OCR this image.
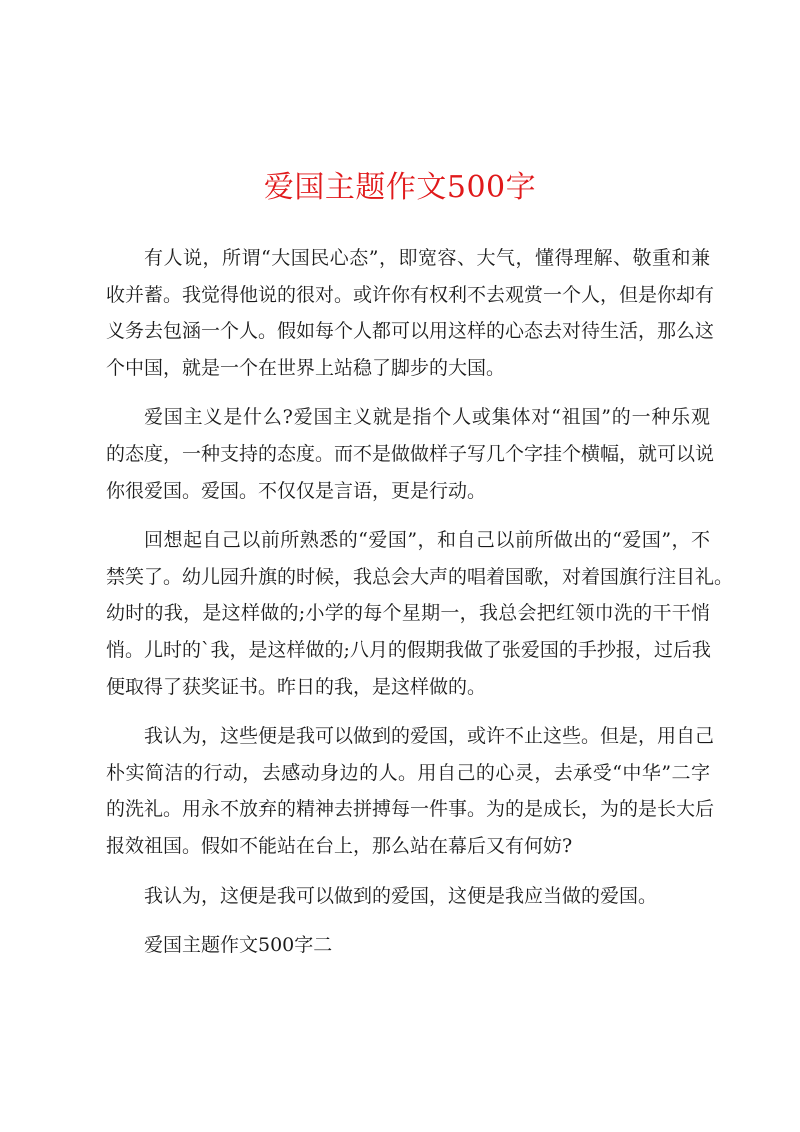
爱国主题作文500字
有人说，所谓“大国民心态”，即宽容、大气，懂得理解、敬重和兼
收并蓄。我觉得他说的很对。或许你有权利不去观赏一个人，但是你却有
义务去包涵一个人。假如每个人都可以用这样的心态去对待生活，那么这
个中国，就是一个在世界上站稳了脚步的大国。
爱国主义是什么?爱国主义就是指个人或集体对“祖国”的一种乐观
的态度，一种支持的态度。而不是做做样子写几个字挂个横幅，就可以说
你很爱国。爱国。不仅仅是言语，更是行动。
回想起自己以前所熟悉的“爱国”，和自己以前所做出的“爱国”，不
禁笑了。幼儿园升旗的时候，我总会大声的唱着国歌，对着国旗行注目礼。
幼时的我，是这样做的;小学的每个星期一，我总会把红领巾洗的干干悄
悄。儿时的`我，是这样做的;八月的假期我做了张爱国的手抄报，过后我
便取得了获奖证书。昨日的我，是这样做的。
我认为，这些便是我可以做到的爱国，或许不止这些。但是，用自己
朴实简洁的行动，去感动身边的人。用自己的心灵，去承受“中华”二字
的洗礼。用永不放弃的精神去拼搏每一件事。为的是成长，为的是长大后
报效祖国。假如不能站在台上，那么站在幕后又有何妨?
我认为，这便是我可以做到的爱国，这便是我应当做的爱国。
爱国主题作文500字二
